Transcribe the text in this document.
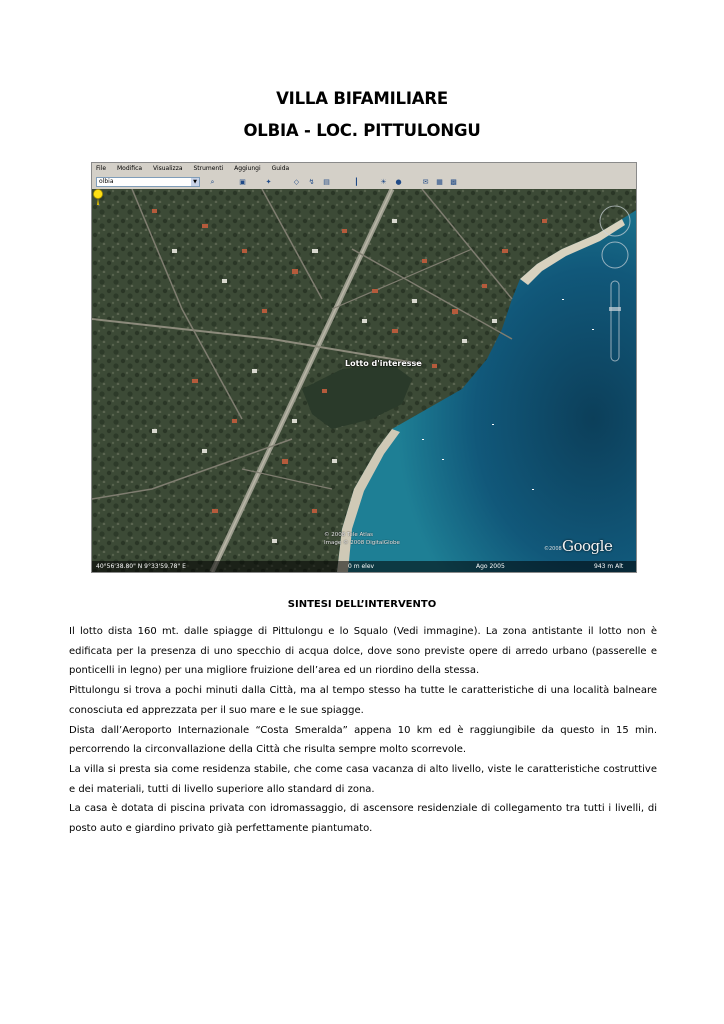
VILLA BIFAMILIARE
OLBIA - LOC. PITTULONGU
File Modifica Visualizza Strumenti Aggiungi Guida
olbia	▼	⌕	▣	✦	◇ ↯ ▤	┃	☀ ●	✉ ▦ ▩
Lotto d'interesse
© 2008 Tele Atlas
Image © 2008 DigitalGlobe
©2008 Google
40°56'38.80" N 9°33'59.78" E	0 m elev	Ago 2005	943 m Alt
SINTESI DELL’INTERVENTO

Il lotto dista 160 mt. dalle spiagge di Pittulongu e lo Squalo (Vedi immagine). La zona antistante il lotto non è edificata per la presenza di uno specchio di acqua dolce, dove sono previste opere di arredo urbano (passerelle e ponticelli in legno) per una migliore fruizione dell’area ed un riordino della stessa.

Pittulongu si trova a pochi minuti dalla Città, ma al tempo stesso ha tutte le caratteristiche di una località balneare conosciuta ed apprezzata per il suo mare e le sue spiagge.

Dista dall’Aeroporto Internazionale “Costa Smeralda” appena 10 km ed è raggiungibile da questo in 15 min. percorrendo la circonvallazione della Città che risulta sempre molto scorrevole.

La villa si presta sia come residenza stabile, che come casa vacanza di alto livello, viste le caratteristiche costruttive e dei materiali, tutti di livello superiore allo standard di zona.

La casa è dotata di piscina privata con idromassaggio, di ascensore residenziale di collegamento tra tutti i livelli, di posto auto e giardino privato già perfettamente piantumato.
